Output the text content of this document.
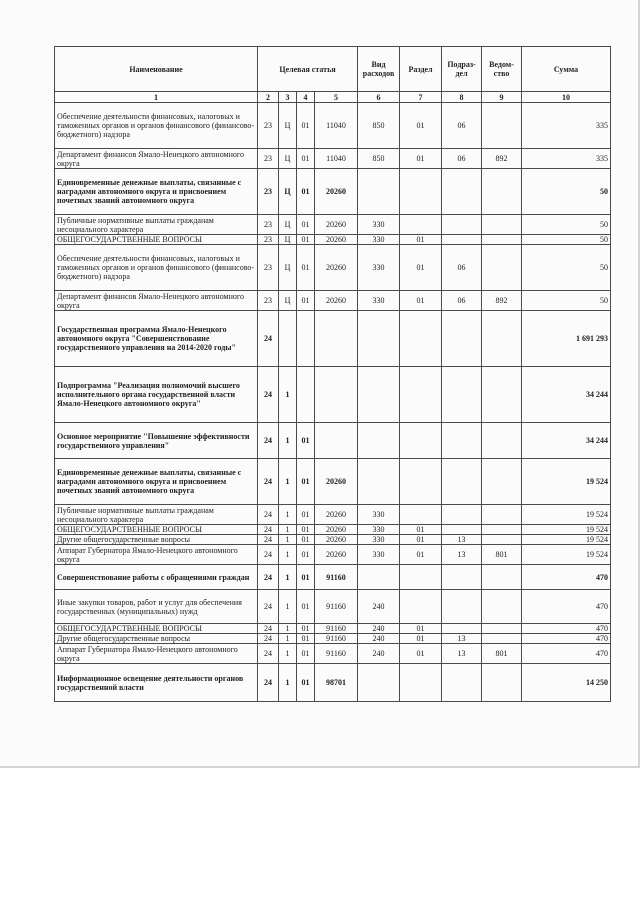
Наименование	Целевая статья				Вид расходов	Раздел	Подраз-дел	Ведом-ство	Сумма
1	2	3	4	5	6	7	8	9	10
Обеспечение деятельности финансовых, налоговых и таможенных органов и органов финансового (финансово-бюджетного) надзора	23	Ц	01	11040	850	01	06		335
Департамент финансов Ямало-Ненецкого автономного округа	23	Ц	01	11040	850	01	06	892	335
Единовременные денежные выплаты, связанные с наградами автономного округа и присвоением почетных званий автономного округа	23	Ц	01	20260					50
Публичные нормативные выплаты гражданам несоциального характера	23	Ц	01	20260	330				50
ОБЩЕГОСУДАРСТВЕННЫЕ ВОПРОСЫ	23	Ц	01	20260	330	01			50
Обеспечение деятельности финансовых, налоговых и таможенных органов и органов финансового (финансово-бюджетного) надзора	23	Ц	01	20260	330	01	06		50
Департамент финансов Ямало-Ненецкого автономного округа	23	Ц	01	20260	330	01	06	892	50
Государственная программа Ямало-Ненецкого автономного округа "Совершенствование государственного управления на 2014-2020 годы"	24								1 691 293
Подпрограмма "Реализация полномочий высшего исполнительного органа государственной власти Ямало-Ненецкого автономного округа"	24	1							34 244
Основное мероприятие "Повышение эффективности государственного управления"	24	1	01						34 244
Единовременные денежные выплаты, связанные с наградами автономного округа и присвоением почетных званий автономного округа	24	1	01	20260					19 524
Публичные нормативные выплаты гражданам несоциального характера	24	1	01	20260	330				19 524
ОБЩЕГОСУДАРСТВЕННЫЕ ВОПРОСЫ	24	1	01	20260	330	01			19 524
Другие общегосударственные вопросы	24	1	01	20260	330	01	13		19 524
Аппарат Губернатора Ямало-Ненецкого автономного округа	24	1	01	20260	330	01	13	801	19 524
Совершенствование работы с обращениями граждан	24	1	01	91160					470
Иные закупки товаров, работ и услуг для обеспечения государственных (муниципальных) нужд	24	1	01	91160	240				470
ОБЩЕГОСУДАРСТВЕННЫЕ ВОПРОСЫ	24	1	01	91160	240	01			470
Другие общегосударственные вопросы	24	1	01	91160	240	01	13		470
Аппарат Губернатора Ямало-Ненецкого автономного округа	24	1	01	91160	240	01	13	801	470
Информационное освещение деятельности органов государственной власти	24	1	01	98701					14 250
